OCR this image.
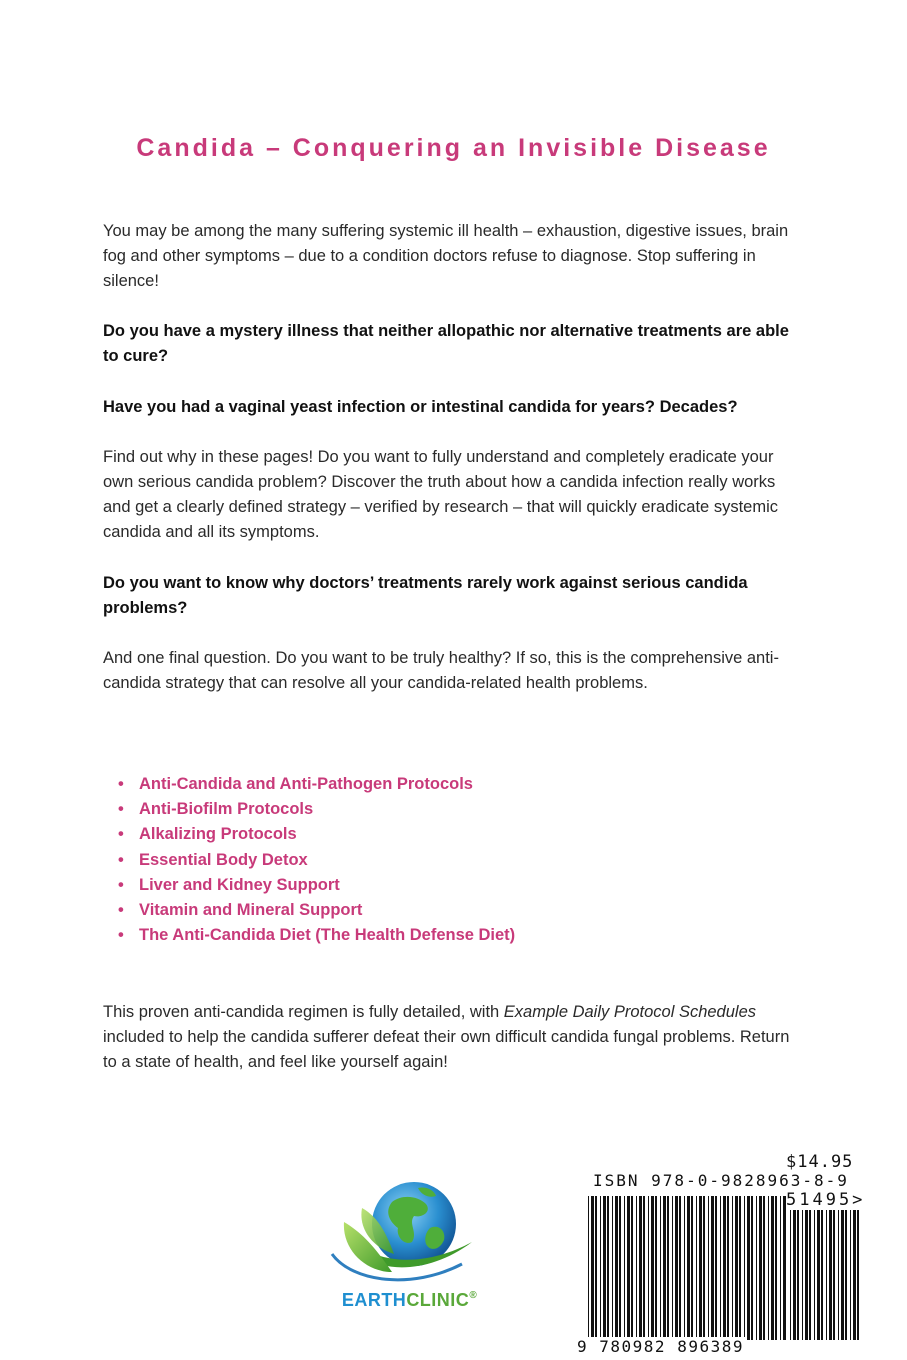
Candida – Conquering an Invisible Disease

You may be among the many suffering systemic ill health – exhaustion, digestive issues, brain fog and other symptoms – due to a condition doctors refuse to diagnose. Stop suffering in silence!

Do you have a mystery illness that neither allopathic nor alternative treatments are able to cure?

Have you had a vaginal yeast infection or intestinal candida for years? Decades?

Find out why in these pages! Do you want to fully understand and completely eradicate your own serious candida problem? Discover the truth about how a candida infection really works and get a clearly defined strategy – verified by research – that will quickly eradicate systemic candida and all its symptoms.

Do you want to know why doctors’ treatments rarely work against serious candida problems?

And one final question. Do you want to be truly healthy? If so, this is the comprehensive anti-candida strategy that can resolve all your candida-related health problems.

• Anti-Candida and Anti-Pathogen Protocols
• Anti-Biofilm Protocols
• Alkalizing Protocols
• Essential Body Detox
• Liver and Kidney Support
• Vitamin and Mineral Support
• The Anti-Candida Diet (The Health Defense Diet)

This proven anti-candida regimen is fully detailed, with Example Daily Protocol Schedules included to help the candida sufferer defeat their own difficult candida fungal problems. Return to a state of health, and feel like yourself again!

EARTHCLINIC®
$14.95
ISBN 978-0-9828963-8-9
51495>
9 780982 896389
